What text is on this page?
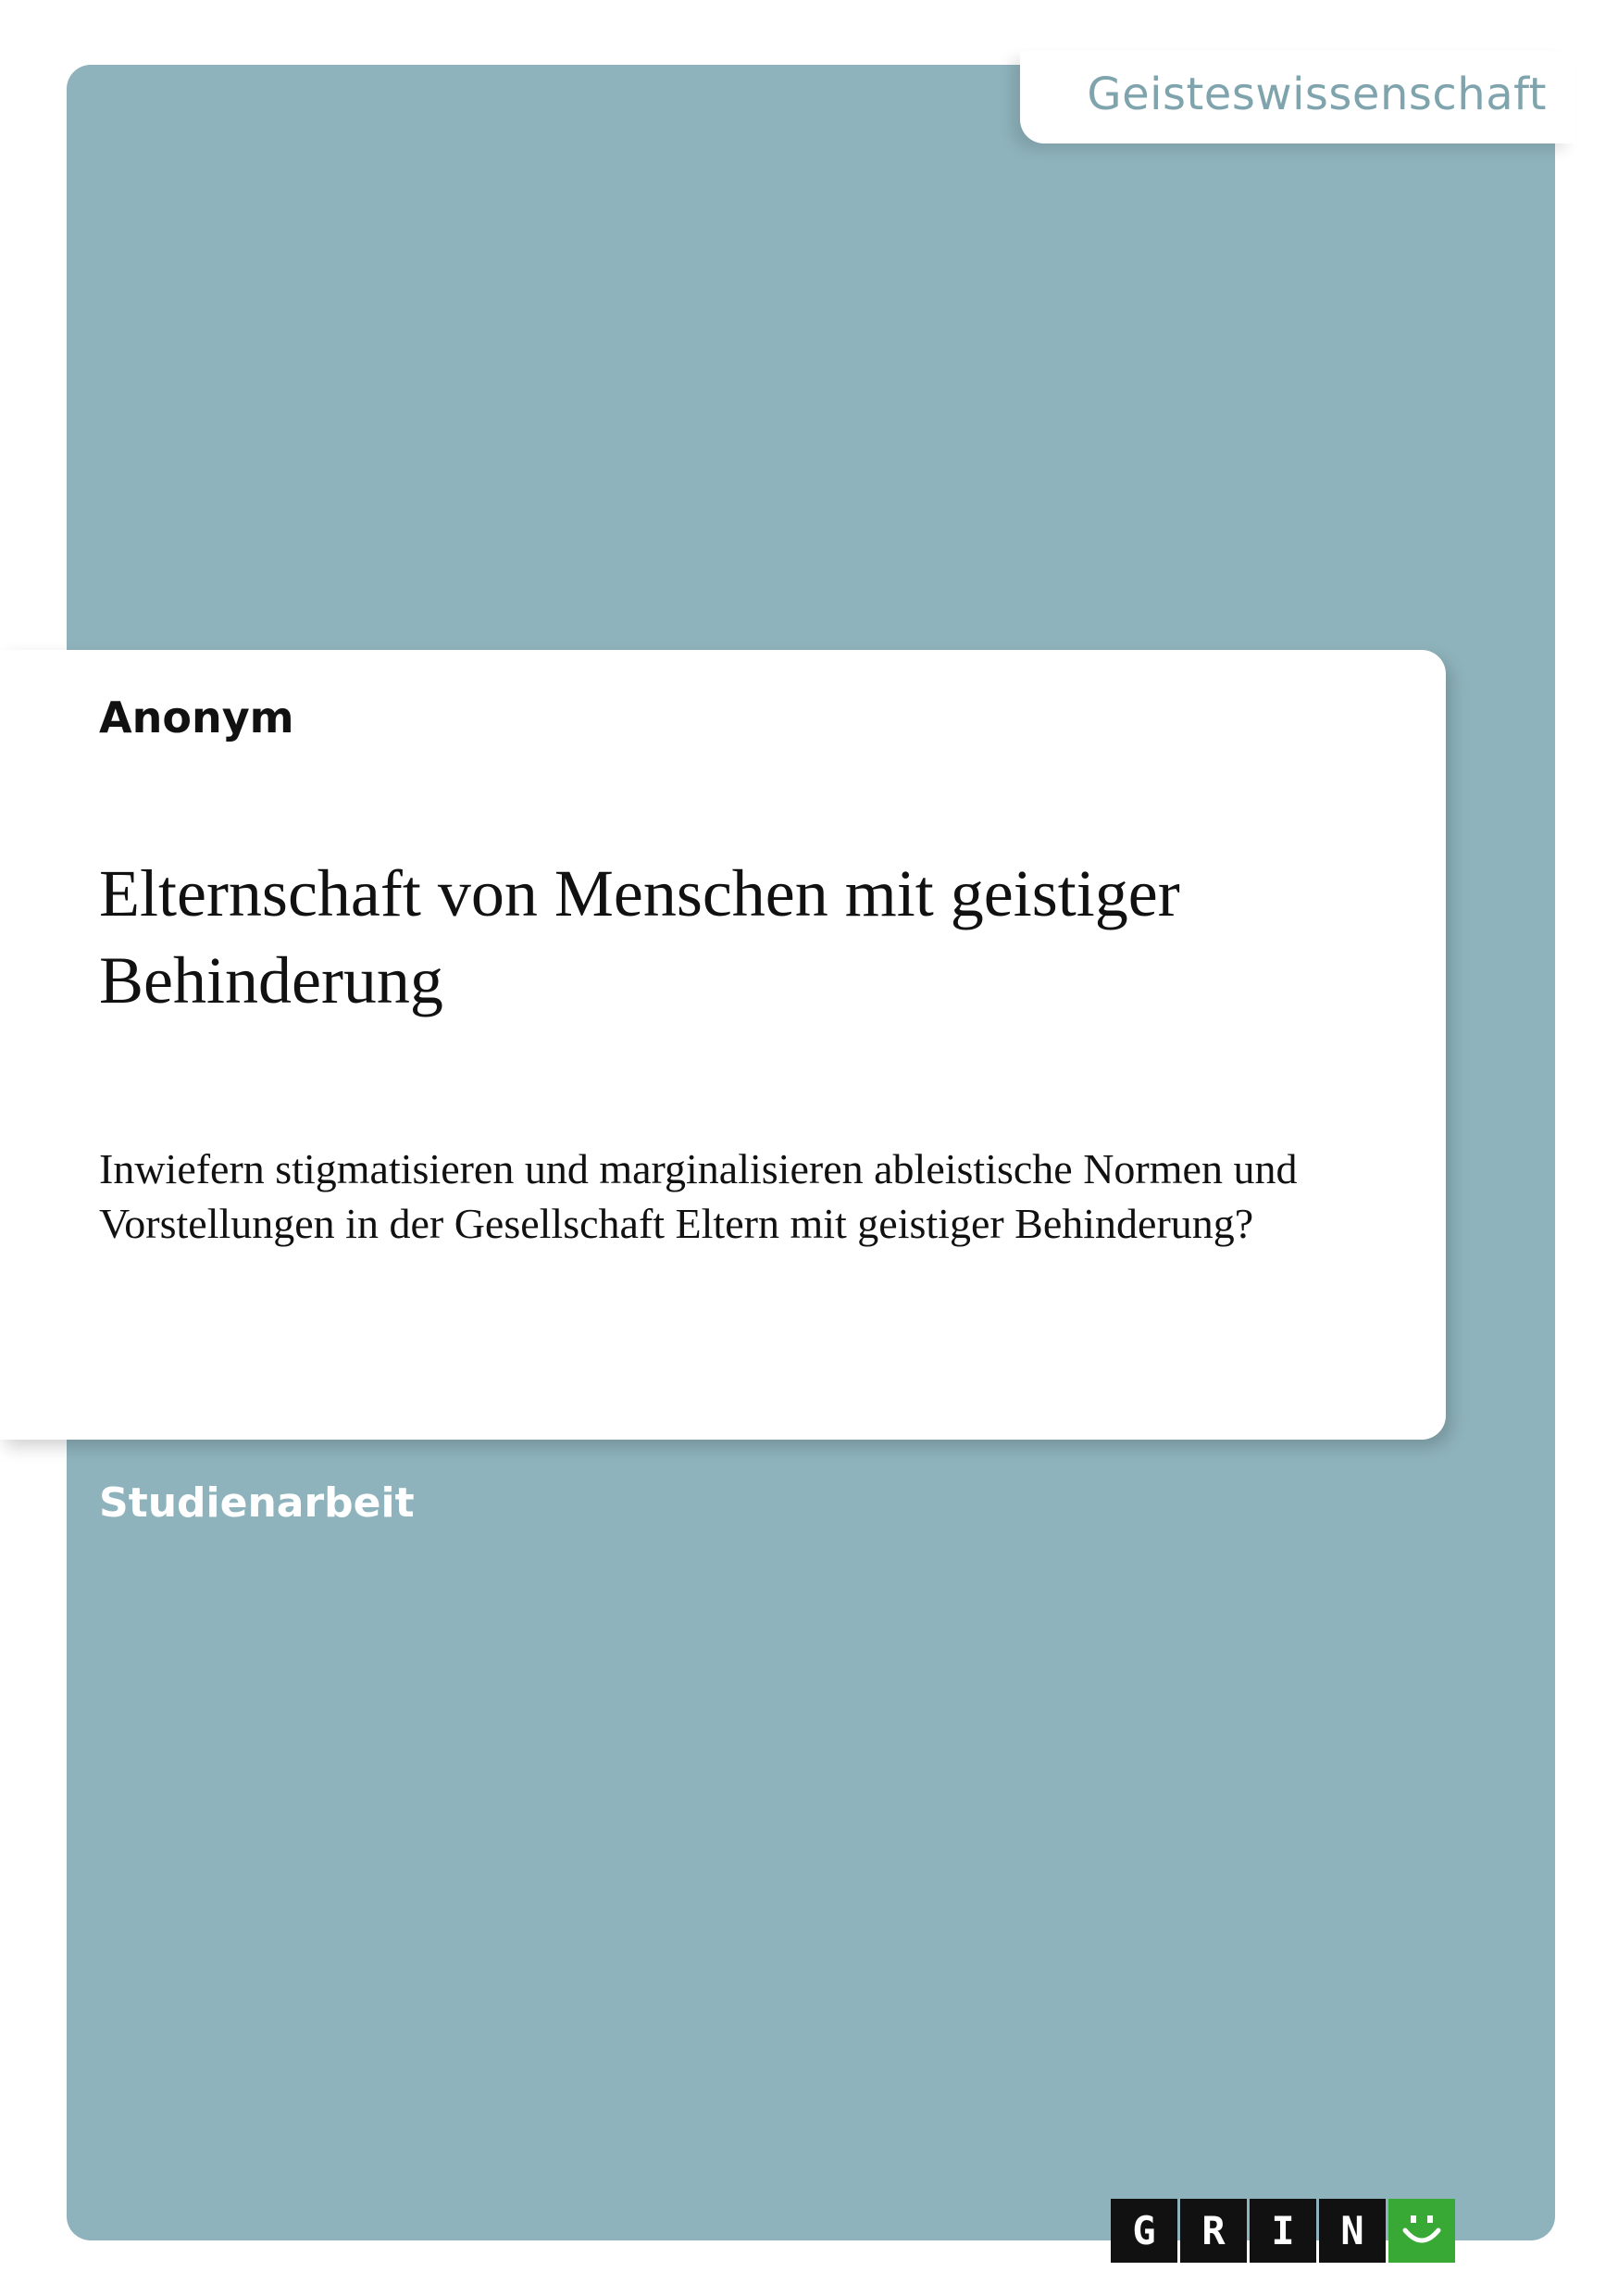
Geisteswissenschaft
Anonym
Elternschaft von Menschen mit geistiger Behinderung
Inwiefern stigmatisieren und marginalisieren ableistische Normen und Vorstellungen in der Gesellschaft Eltern mit geistiger Behinderung?
Studienarbeit
G	R	I	N
